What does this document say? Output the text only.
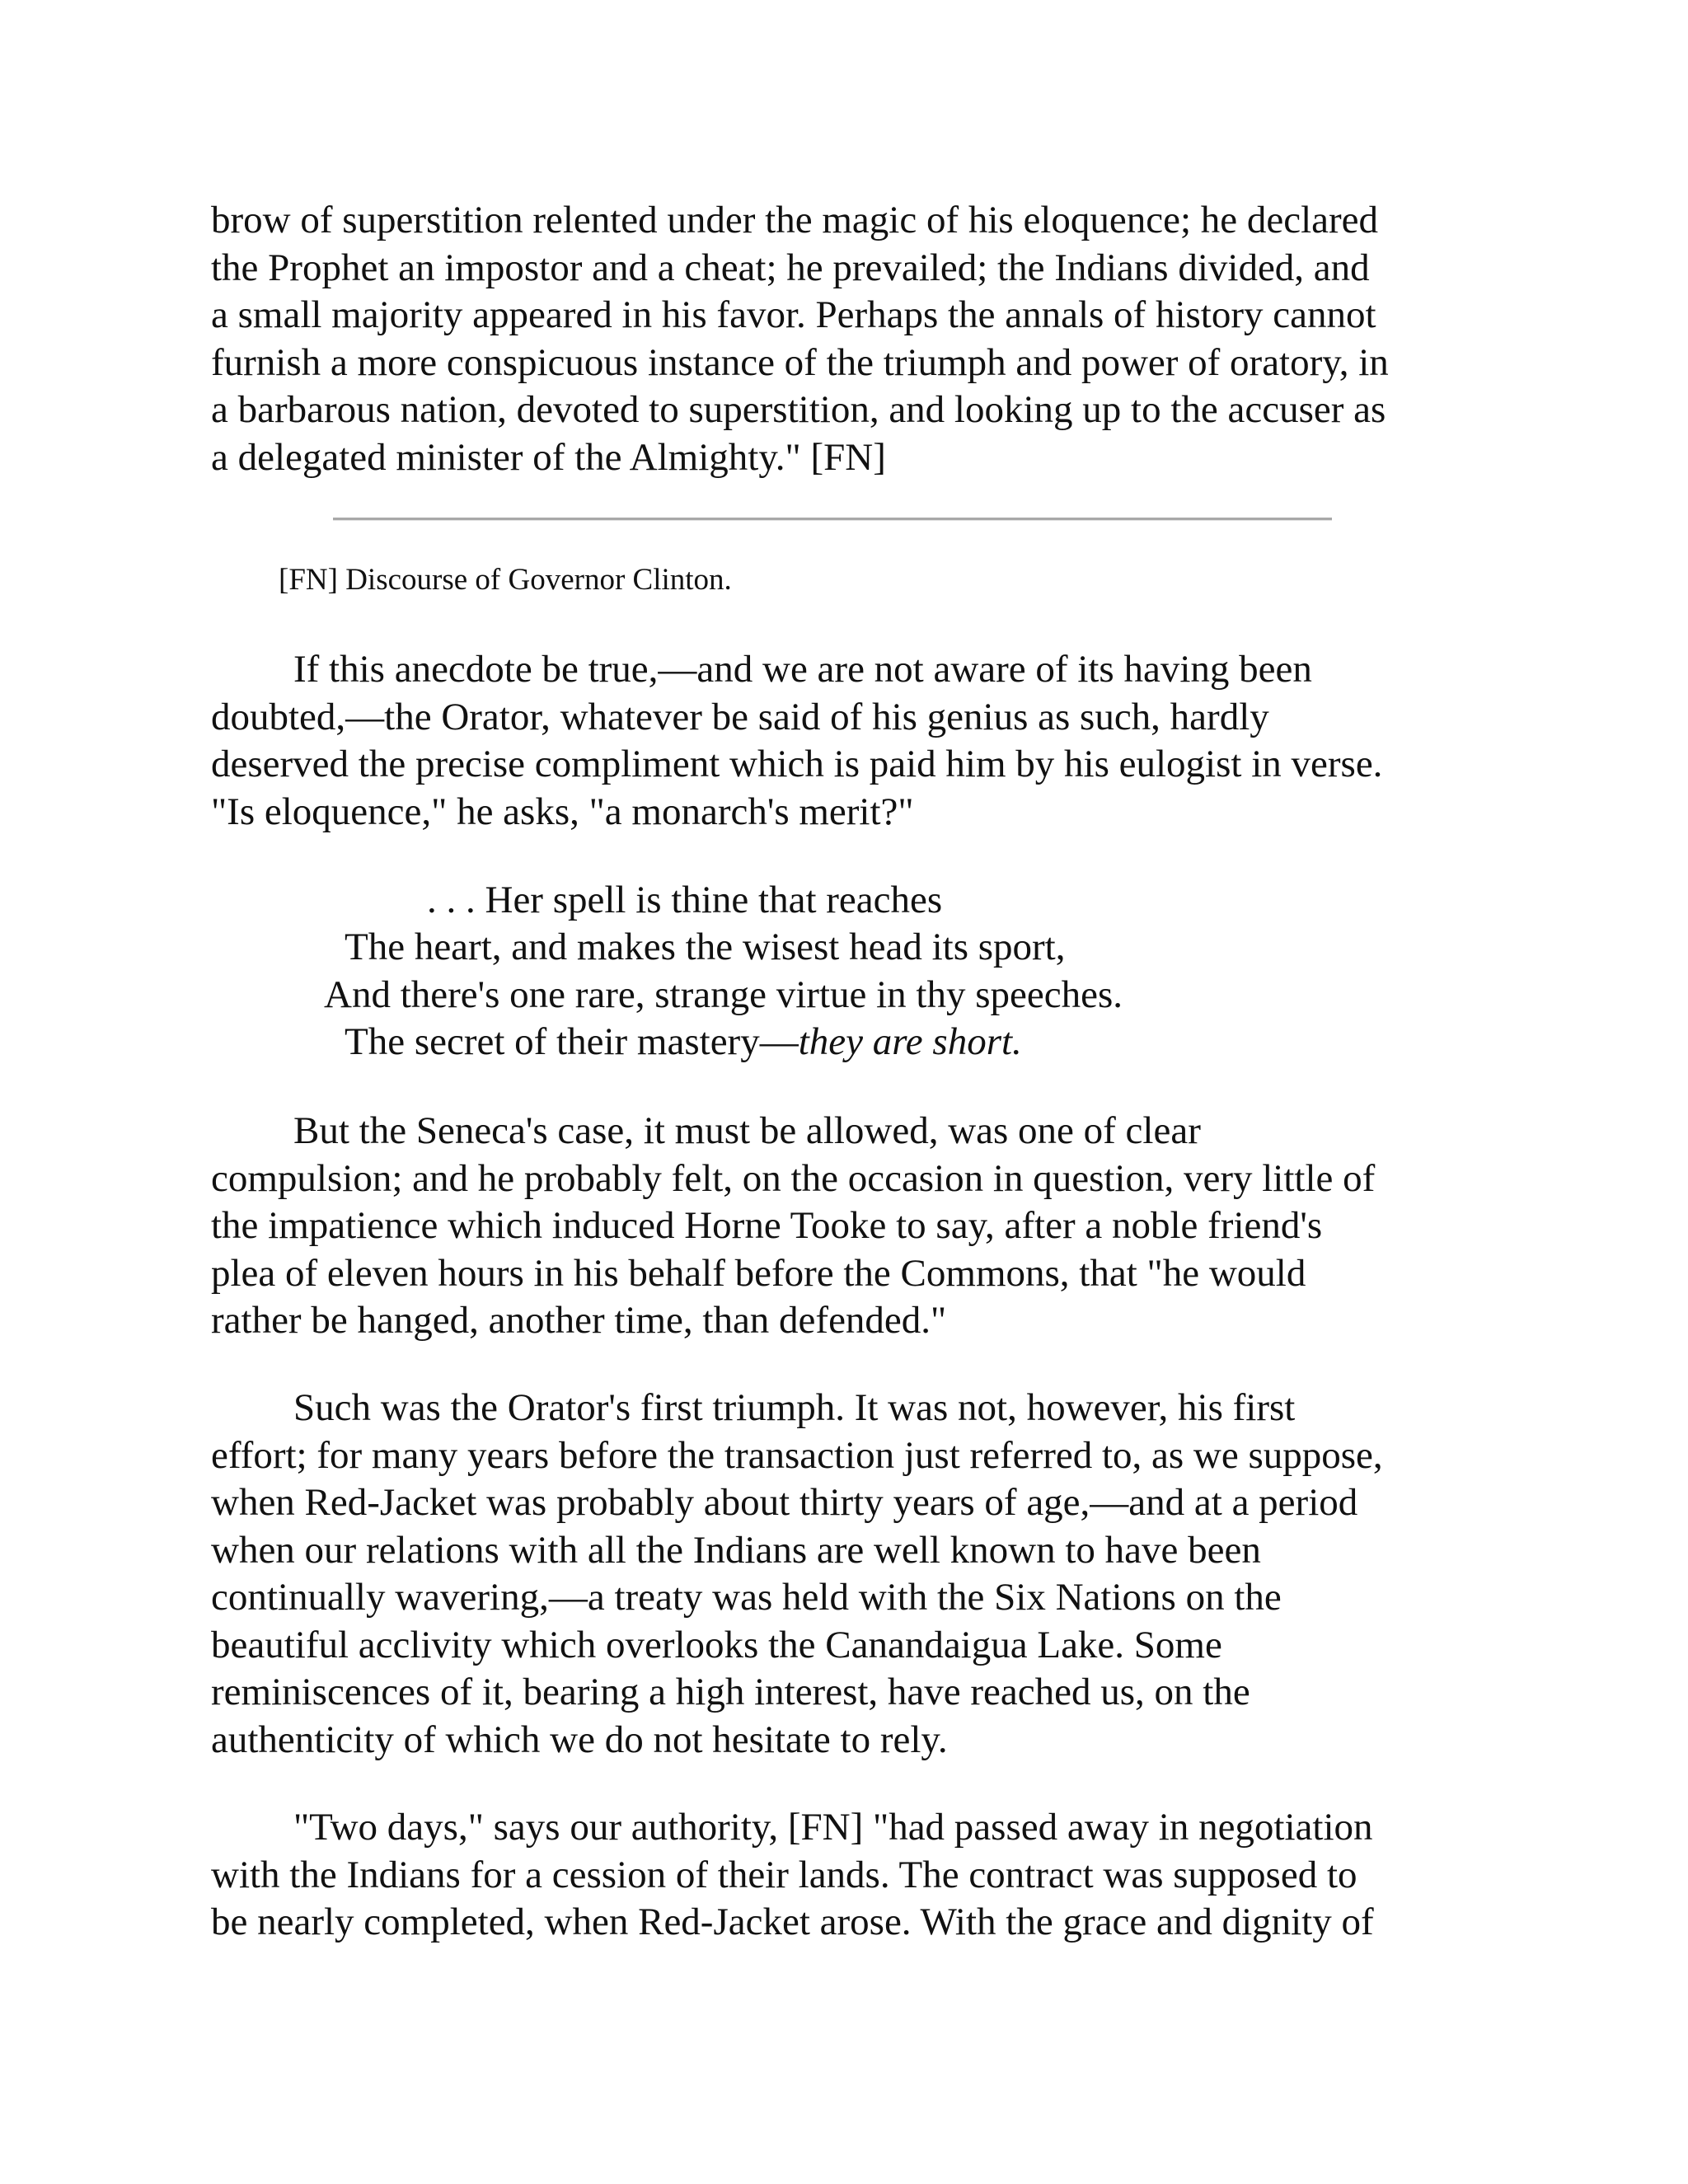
brow of superstition relented under the magic of his eloquence; he declared
the Prophet an impostor and a cheat; he prevailed; the Indians divided, and
a small majority appeared in his favor. Perhaps the annals of history cannot
furnish a more conspicuous instance of the triumph and power of oratory, in
a barbarous nation, devoted to superstition, and looking up to the accuser as
a delegated minister of the Almighty." [FN]

[FN] Discourse of Governor Clinton.

If this anecdote be true,—and we are not aware of its having been
doubted,—the Orator, whatever be said of his genius as such, hardly
deserved the precise compliment which is paid him by his eulogist in verse.
"Is eloquence," he asks, "a monarch's merit?"

. . . Her spell is thine that reaches
The heart, and makes the wisest head its sport,
And there's one rare, strange virtue in thy speeches.
The secret of their mastery—they are short.

But the Seneca's case, it must be allowed, was one of clear
compulsion; and he probably felt, on the occasion in question, very little of
the impatience which induced Horne Tooke to say, after a noble friend's
plea of eleven hours in his behalf before the Commons, that "he would
rather be hanged, another time, than defended."

Such was the Orator's first triumph. It was not, however, his first
effort; for many years before the transaction just referred to, as we suppose,
when Red-Jacket was probably about thirty years of age,—and at a period
when our relations with all the Indians are well known to have been
continually wavering,—a treaty was held with the Six Nations on the
beautiful acclivity which overlooks the Canandaigua Lake. Some
reminiscences of it, bearing a high interest, have reached us, on the
authenticity of which we do not hesitate to rely.

"Two days," says our authority, [FN] "had passed away in negotiation
with the Indians for a cession of their lands. The contract was supposed to
be nearly completed, when Red-Jacket arose. With the grace and dignity of
